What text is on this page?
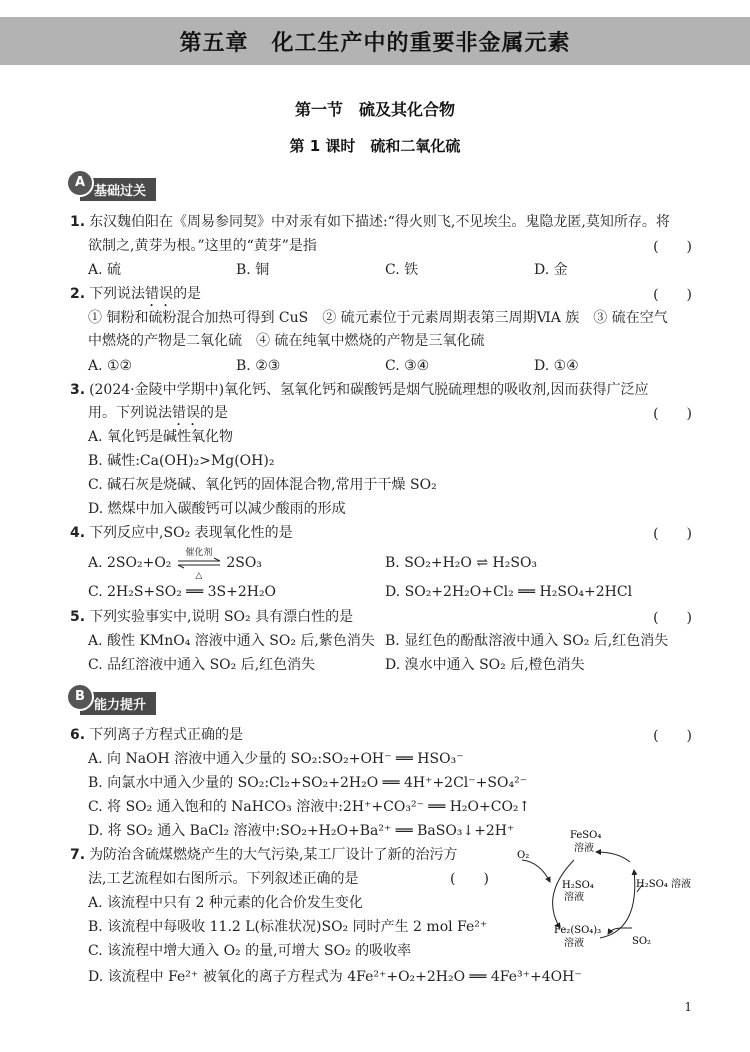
第五章　化工生产中的重要非金属元素
第一节　硫及其化合物
第 1 课时　硫和二氧化硫
A
基础过关
1. 东汉魏伯阳在《周易参同契》中对汞有如下描述:“得火则飞,不见埃尘。鬼隐龙匿,莫知所存。将
欲制之,黄芽为根。”这里的“黄芽”是指	(　　)
A. 硫	B. 铜	C. 铁	D. 金
2. 下列说法错误的是	(　　)
① 铜粉和硫粉混合加热可得到 CuS　② 硫元素位于元素周期表第三周期ⅥA 族　③ 硫在空气
中燃烧的产物是二氧化硫　④ 硫在纯氧中燃烧的产物是三氧化硫
A. ①②	B. ②③	C. ③④	D. ①④
3. (2024·金陵中学期中)氧化钙、氢氧化钙和碳酸钙是烟气脱硫理想的吸收剂,因而获得广泛应
用。下列说法错误的是	(　　)
A. 氧化钙是碱性氧化物
B. 碱性:Ca(OH)₂>Mg(OH)₂
C. 碱石灰是烧碱、氧化钙的固体混合物,常用于干燥 SO₂
D. 燃煤中加入碳酸钙可以减少酸雨的形成
4. 下列反应中,SO₂ 表现氧化性的是	(　　)
A. 2SO₂+O₂
催化剂
△
2SO₃	B. SO₂+H₂O ⇌ H₂SO₃
C. 2H₂S+SO₂ ══ 3S+2H₂O	D. SO₂+2H₂O+Cl₂ ══ H₂SO₄+2HCl
5. 下列实验事实中,说明 SO₂ 具有漂白性的是	(　　)
A. 酸性 KMnO₄ 溶液中通入 SO₂ 后,紫色消失 B. 显红色的酚酞溶液中通入 SO₂ 后,红色消失
C. 品红溶液中通入 SO₂ 后,红色消失	D. 溴水中通入 SO₂ 后,橙色消失
B
能力提升
6. 下列离子方程式正确的是	(　　)
A. 向 NaOH 溶液中通入少量的 SO₂:SO₂+OH⁻ ══ HSO₃⁻
B. 向氯水中通入少量的 SO₂:Cl₂+SO₂+2H₂O ══ 4H⁺+2Cl⁻+SO₄²⁻
C. 将 SO₂ 通入饱和的 NaHCO₃ 溶液中:2H⁺+CO₃²⁻ ══ H₂O+CO₂↑
D. 将 SO₂ 通入 BaCl₂ 溶液中:SO₂+H₂O+Ba²⁺ ══ BaSO₃↓+2H⁺
7. 为防治含硫煤燃烧产生的大气污染,某工厂设计了新的治污方
法,工艺流程如右图所示。下列叙述正确的是	(　　)
A. 该流程中只有 2 种元素的化合价发生变化
B. 该流程中每吸收 11.2 L(标准状况)SO₂ 同时产生 2 mol Fe²⁺
C. 该流程中增大通入 O₂ 的量,可增大 SO₂ 的吸收率
D. 该流程中 Fe²⁺ 被氧化的离子方程式为 4Fe²⁺+O₂+2H₂O ══ 4Fe³⁺+4OH⁻
FeSO₄
溶液
O₂
H₂SO₄
溶液
H₂SO₄ 溶液
Fe₂(SO₄)₃
溶液	SO₂
1
